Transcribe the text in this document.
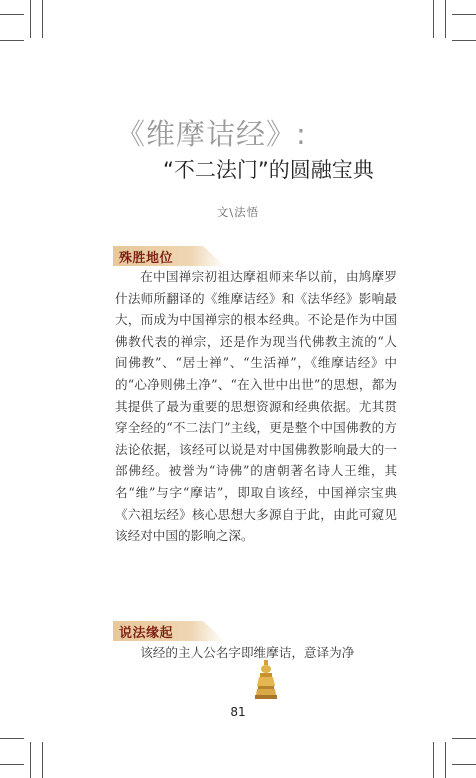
《维摩诘经》:
“不二法门”的圆融宝典
文\法悟
殊胜地位

在中国禅宗初祖达摩祖师来华以前，由鸠摩罗什法师所翻译的《维摩诘经》和《法华经》影响最大，而成为中国禅宗的根本经典。不论是作为中国佛教代表的禅宗，还是作为现当代佛教主流的“人间佛教”、“居士禅”、“生活禅”，《维摩诘经》中的“心净则佛土净”、“在入世中出世”的思想，都为其提供了最为重要的思想资源和经典依据。尤其贯穿全经的“不二法门”主线，更是整个中国佛教的方法论依据，该经可以说是对中国佛教影响最大的一部佛经。被誉为“诗佛”的唐朝著名诗人王维，其名“维”与字“摩诘”，即取自该经，中国禅宗宝典《六祖坛经》核心思想大多源自于此，由此可窥见该经对中国的影响之深。

说法缘起

该经的主人公名字即维摩诘，意译为净

81
